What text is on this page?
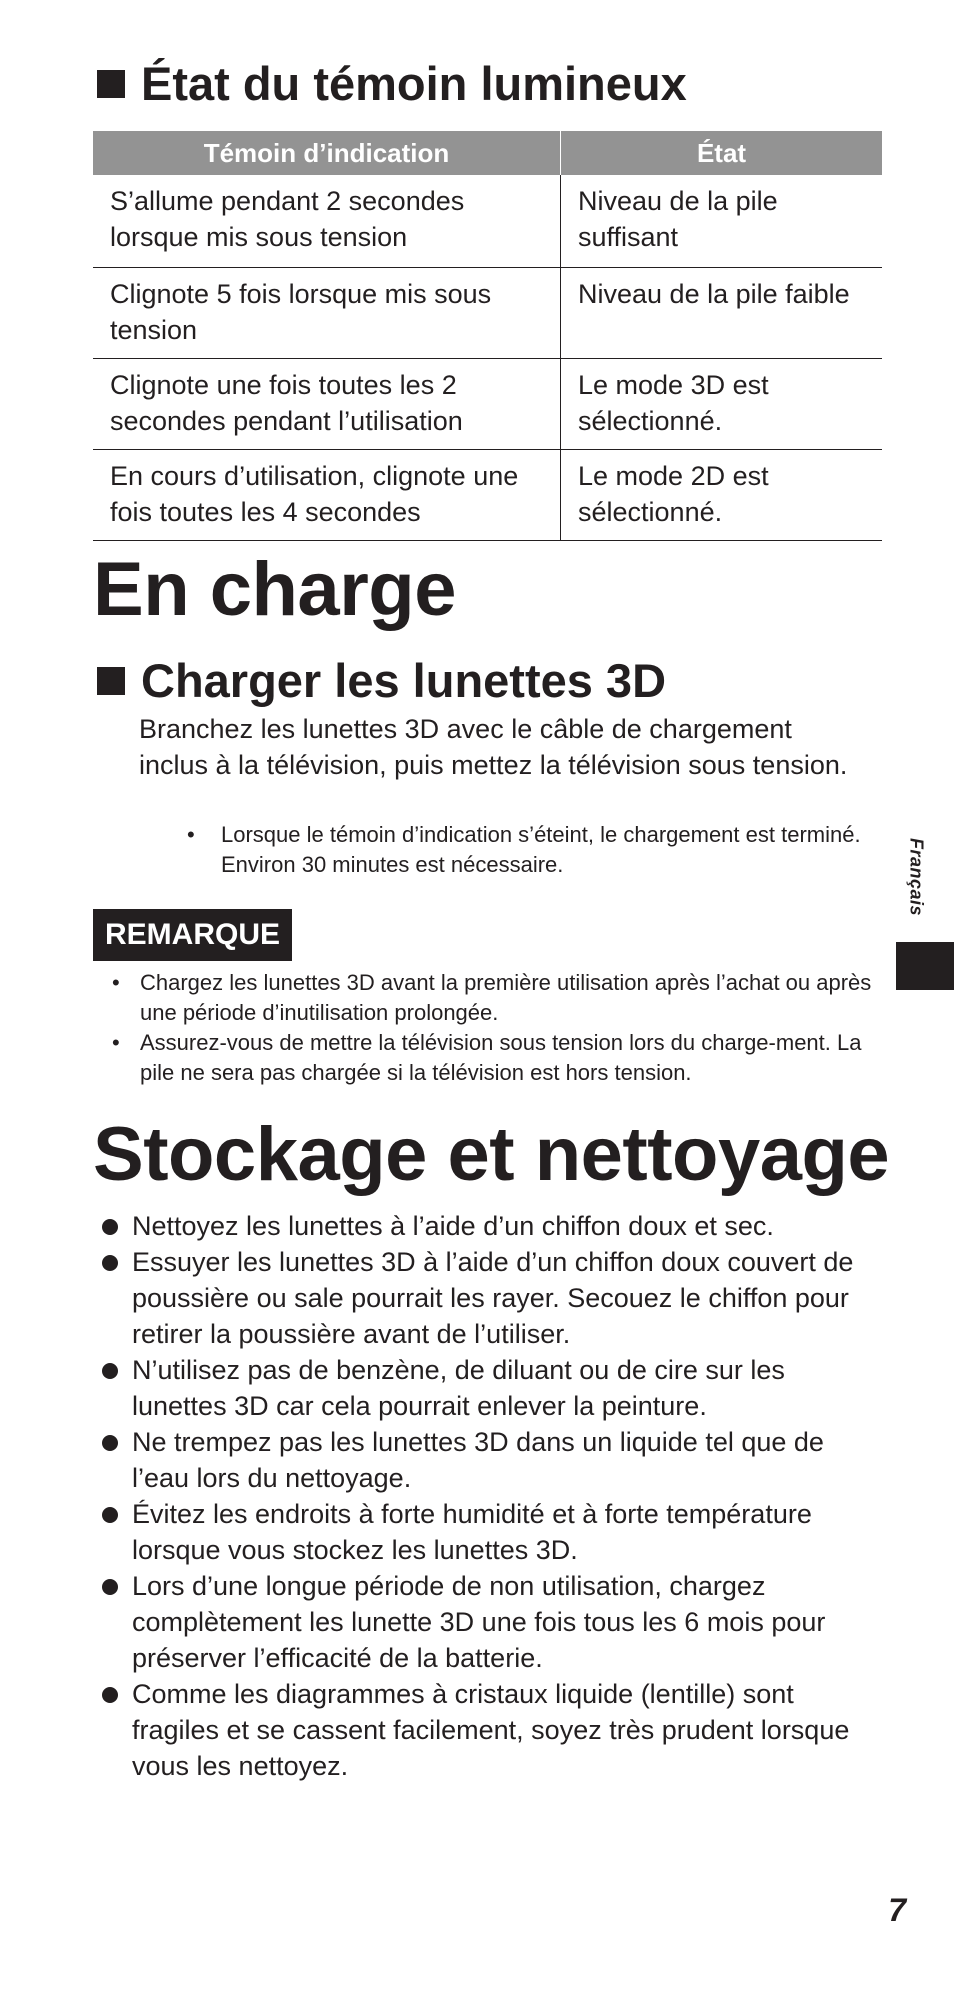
État du témoin lumineux
Témoin d’indication	État
S’allume pendant 2 secondes lorsque mis sous tension	Niveau de la pile suffisant
Clignote 5 fois lorsque mis sous tension	Niveau de la pile faible
Clignote une fois toutes les 2 secondes pendant l’utilisation	Le mode 3D est sélectionné.
En cours d’utilisation, clignote une fois toutes les 4 secondes	Le mode 2D est sélectionné.
En charge
Charger les lunettes 3D
Branchez les lunettes 3D avec le câble de chargement inclus à la télévision, puis mettez la télévision sous tension.
• Lorsque le témoin d’indication s’éteint, le chargement est terminé. Environ 30 minutes est nécessaire.
REMARQUE
• Chargez les lunettes 3D avant la première utilisation après l’achat ou après une période d’inutilisation prolongée.
• Assurez-vous de mettre la télévision sous tension lors du charge-ment. La pile ne sera pas chargée si la télévision est hors tension.
Stockage et nettoyage
Nettoyez les lunettes à l’aide d’un chiffon doux et sec.
Essuyer les lunettes 3D à l’aide d’un chiffon doux couvert de poussière ou sale pourrait les rayer. Secouez le chiffon pour retirer la poussière avant de l’utiliser.
N’utilisez pas de benzène, de diluant ou de cire sur les lunettes 3D car cela pourrait enlever la peinture.
Ne trempez pas les lunettes 3D dans un liquide tel que de l’eau lors du nettoyage.
Évitez les endroits à forte humidité et à forte température lorsque vous stockez les lunettes 3D.
Lors d’une longue période de non utilisation, chargez complètement les lunette 3D une fois tous les 6 mois pour préserver l’efficacité de la batterie.
Comme les diagrammes à cristaux liquide (lentille) sont fragiles et se cassent facilement, soyez très prudent lorsque vous les nettoyez.
Français
7
